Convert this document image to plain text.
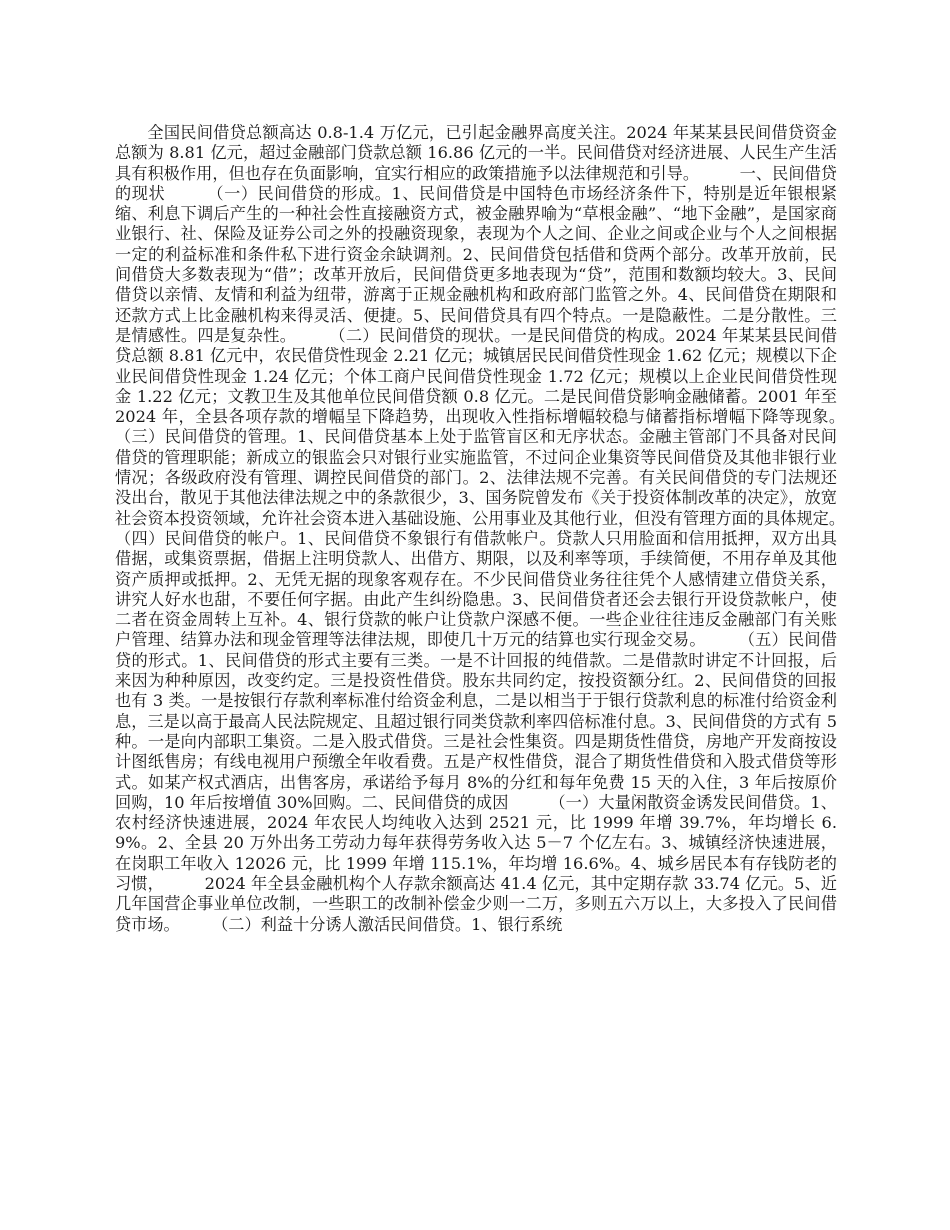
全国民间借贷总额高达 0.8-1.4 万亿元，已引起金融界高度关注。2024 年某某县民间借贷资金总额为 8.81 亿元，超过金融部门贷款总额 16.86 亿元的一半。民间借贷对经济进展、人民生产生活具有积极作用，但也存在负面影响，宜实行相应的政策措施予以法律规范和引导。　　　一、民间借贷的现状　　　（一）民间借贷的形成。1、民间借贷是中国特色市场经济条件下，特别是近年银根紧缩、利息下调后产生的一种社会性直接融资方式，被金融界喻为“草根金融”、“地下金融”，是国家商业银行、社、保险及证券公司之外的投融资现象，表现为个人之间、企业之间或企业与个人之间根据一定的利益标准和条件私下进行资金余缺调剂。2、民间借贷包括借和贷两个部分。改革开放前，民间借贷大多数表现为“借”；改革开放后，民间借贷更多地表现为“贷”，范围和数额均较大。3、民间借贷以亲情、友情和利益为纽带，游离于正规金融机构和政府部门监管之外。4、民间借贷在期限和还款方式上比金融机构来得灵活、便捷。5、民间借贷具有四个特点。一是隐蔽性。二是分散性。三是情感性。四是复杂性。　　　（二）民间借贷的现状。一是民间借贷的构成。2024 年某某县民间借贷总额 8.81 亿元中，农民借贷性现金 2.21 亿元；城镇居民民间借贷性现金 1.62 亿元；规模以下企业民间借贷性现金 1.24 亿元；个体工商户民间借贷性现金 1.72 亿元；规模以上企业民间借贷性现金 1.22 亿元；文教卫生及其他单位民间借贷额 0.8 亿元。二是民间借贷影响金融储蓄。2001 年至 2024 年，全县各项存款的增幅呈下降趋势，出现收入性指标增幅较稳与储蓄指标增幅下降等现象。　　　（三）民间借贷的管理。1、民间借贷基本上处于监管盲区和无序状态。金融主管部门不具备对民间借贷的管理职能；新成立的银监会只对银行业实施监管，不过问企业集资等民间借贷及其他非银行业情况；各级政府没有管理、调控民间借贷的部门。2、法律法规不完善。有关民间借贷的专门法规还没出台，散见于其他法律法规之中的条款很少，3、国务院曾发布《关于投资体制改革的决定》，放宽社会资本投资领域，允许社会资本进入基础设施、公用事业及其他行业，但没有管理方面的具体规定。　　　（四）民间借贷的帐户。1、民间借贷不象银行有借款帐户。贷款人只用脸面和信用抵押，双方出具借据，或集资票据，借据上注明贷款人、出借方、期限，以及利率等项，手续简便，不用存单及其他资产质押或抵押。2、无凭无据的现象客观存在。不少民间借贷业务往往凭个人感情建立借贷关系，讲究人好水也甜，不要任何字据。由此产生纠纷隐患。3、民间借贷者还会去银行开设贷款帐户，使二者在资金周转上互补。4、银行贷款的帐户让贷款户深感不便。一些企业往往违反金融部门有关账户管理、结算办法和现金管理等法律法规，即使几十万元的结算也实行现金交易。　　　（五）民间借贷的形式。1、民间借贷的形式主要有三类。一是不计回报的纯借款。二是借款时讲定不计回报，后来因为种种原因，改变约定。三是投资性借贷。股东共同约定，按投资额分红。2、民间借贷的回报也有 3 类。一是按银行存款利率标准付给资金利息，二是以相当于于银行贷款利息的标准付给资金利息，三是以高于最高人民法院规定、且超过银行同类贷款利率四倍标准付息。3、民间借贷的方式有 5 种。一是向内部职工集资。二是入股式借贷。三是社会性集资。四是期货性借贷，房地产开发商按设计图纸售房；有线电视用户预缴全年收看费。五是产权性借贷，混合了期货性借贷和入股式借贷等形式。如某产权式酒店，出售客房，承诺给予每月 8%的分红和每年免费 15 天的入住，3 年后按原价回购，10 年后按增值 30%回购。二、民间借贷的成因　　　（一）大量闲散资金诱发民间借贷。1、农村经济快速进展，2024 年农民人均纯收入达到 2521 元，比 1999 年增 39.7%，年均增长 6.9%。2、全县 20 万外出务工劳动力每年获得劳务收入达 5－7 个亿左右。3、城镇经济快速进展，在岗职工年收入 12026 元，比 1999 年增 115.1%，年均增 16.6%。4、城乡居民本有存钱防老的习惯，　　　2024 年全县金融机构个人存款余额高达 41.4 亿元，其中定期存款 33.74 亿元。5、近几年国营企事业单位改制，一些职工的改制补偿金少则一二万，多则五六万以上，大多投入了民间借贷市场。　　　（二）利益十分诱人激活民间借贷。1、银行系统
